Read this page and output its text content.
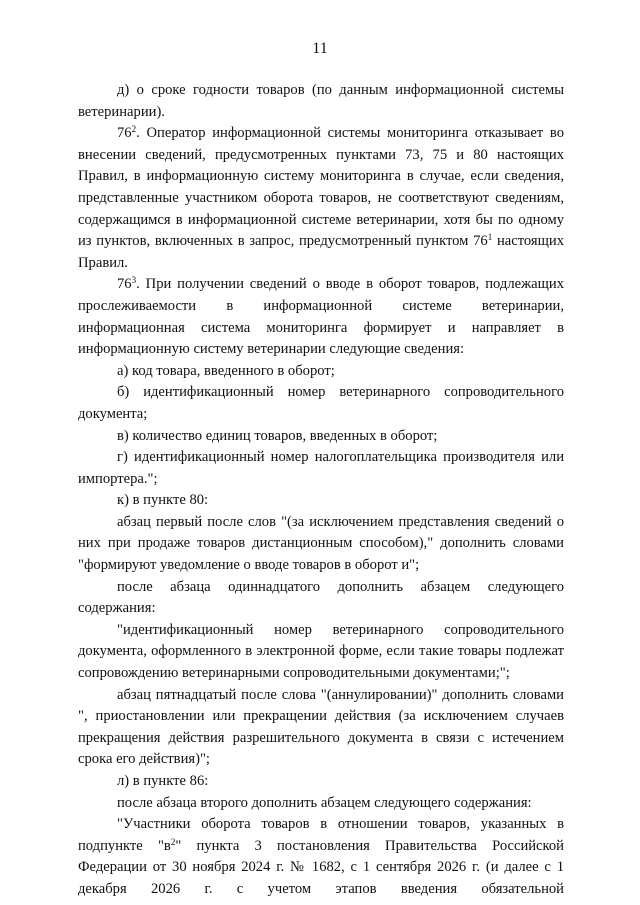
11

д) о сроке годности товаров (по данным информационной системы ветеринарии).

$76^2$. Оператор информационной системы мониторинга отказывает во внесении сведений, предусмотренных пунктами 73, 75 и 80 настоящих Правил, в информационную систему мониторинга в случае, если сведения, представленные участником оборота товаров, не соответствуют сведениям, содержащимся в информационной системе ветеринарии, хотя бы по одному из пунктов, включенных в запрос, предусмотренный пунктом $76^1$ настоящих Правил.

$76^3$. При получении сведений о вводе в оборот товаров, подлежащих прослеживаемости в информационной системе ветеринарии, информационная система мониторинга формирует и направляет в информационную систему ветеринарии следующие сведения:

а) код товара, введенного в оборот;

б) идентификационный номер ветеринарного сопроводительного документа;

в) количество единиц товаров, введенных в оборот;

г) идентификационный номер налогоплательщика производителя или импортера.";

к) в пункте 80:

абзац первый после слов "(за исключением представления сведений о них при продаже товаров дистанционным способом)," дополнить словами "формируют уведомление о вводе товаров в оборот и";

после абзаца одиннадцатого дополнить абзацем следующего содержания:

"идентификационный номер ветеринарного сопроводительного документа, оформленного в электронной форме, если такие товары подлежат сопровождению ветеринарными сопроводительными документами;";

абзац пятнадцатый после слова "(аннулировании)" дополнить словами ", приостановлении или прекращении действия (за исключением случаев прекращения действия разрешительного документа в связи с истечением срока его действия)";

л) в пункте 86:

после абзаца второго дополнить абзацем следующего содержания:

"Участники оборота товаров в отношении товаров, указанных в подпункте "$в^2$" пункта 3 постановления Правительства Российской Федерации от 30 ноября 2024 г. № 1682, с 1 сентября 2026 г. (и далее с 1 декабря 2026 г. с учетом этапов введения обязательной
